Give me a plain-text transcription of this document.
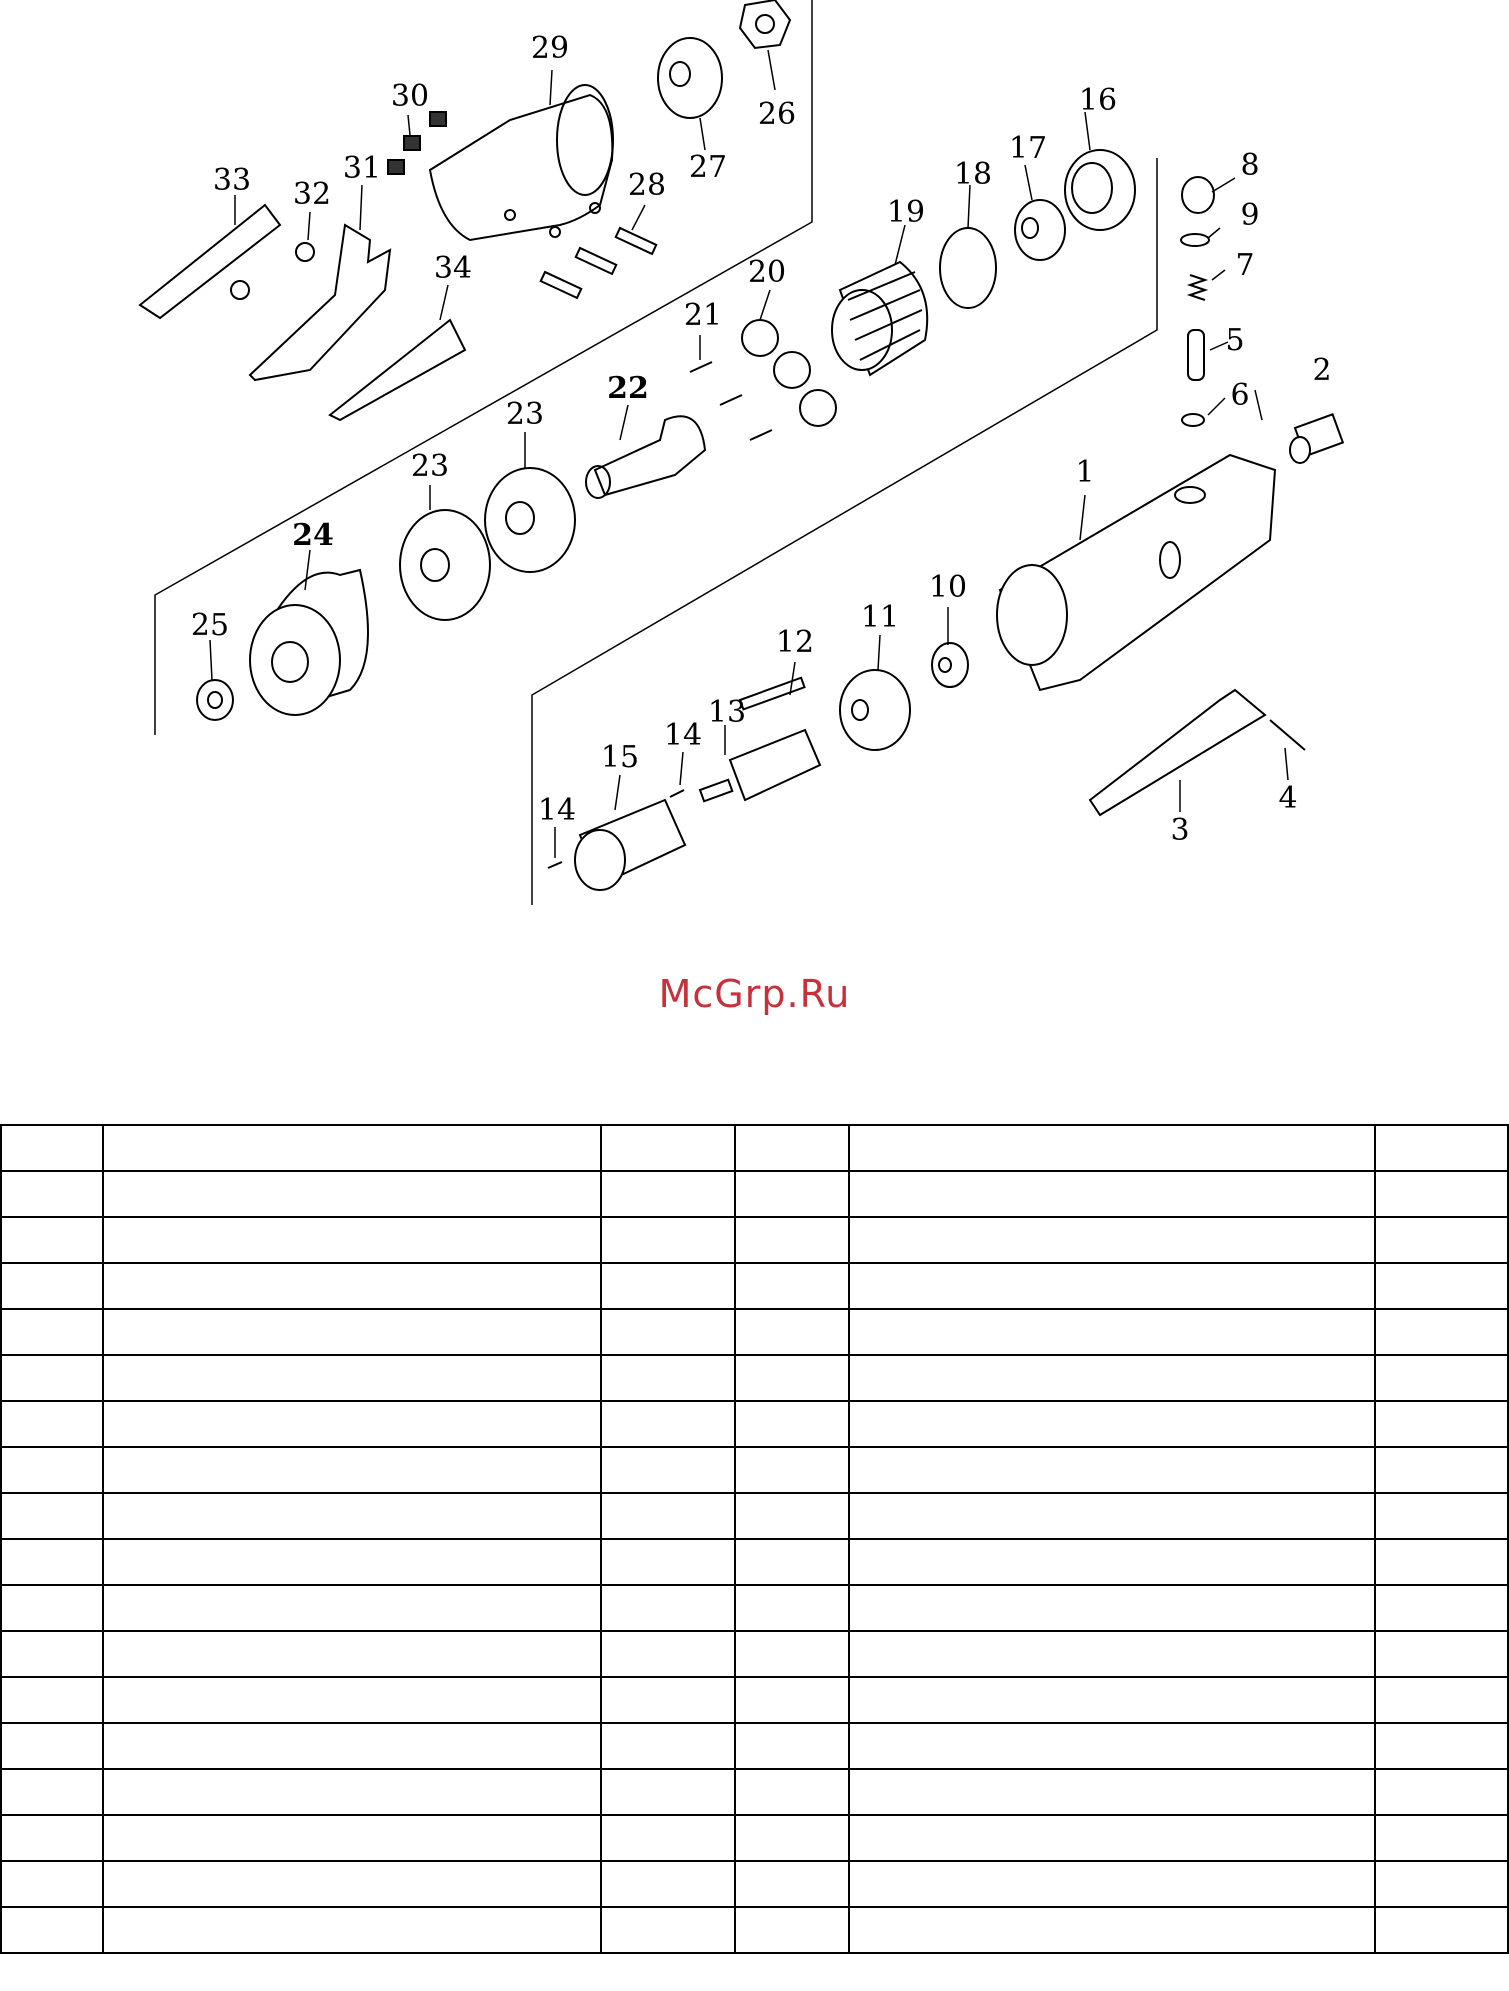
1
2
3
4
5
6
7
8
9
10
11
12
13
14
14
15
16
17
18
19
20
21
22
23
23
24
25
26
27
28
29
30
31
32
33
34
McGrp.Ru
